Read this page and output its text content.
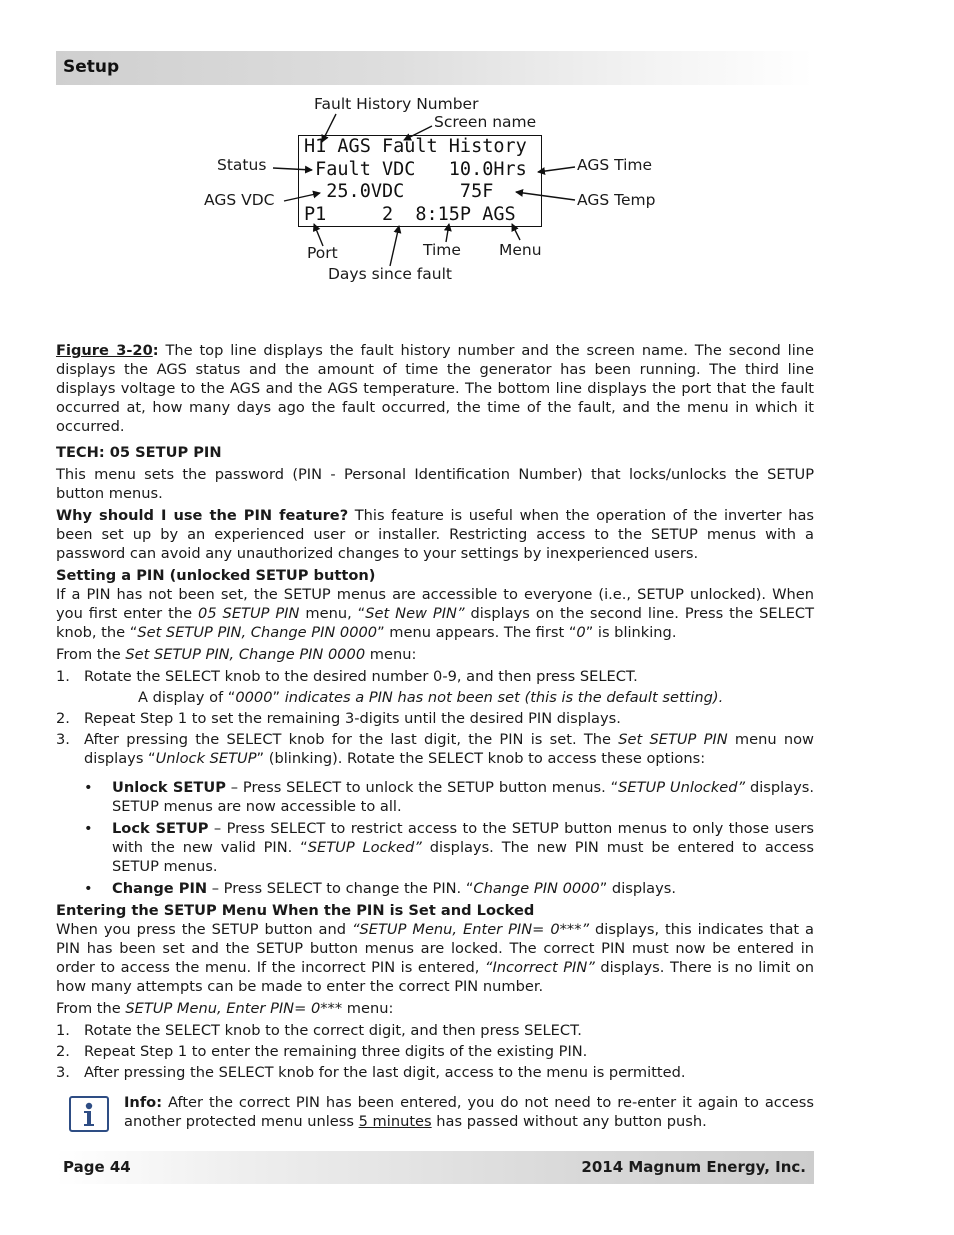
Setup
H1 AGS Fault History
Fault VDC   10.0Hrs
25.0VDC     75F
P1     2  8:15P AGS
Fault History Number
Screen name
Status
AGS VDC
AGS Time
AGS Temp
Port	Time Menu
Days since fault

Figure 3-20: The top line displays the fault history number and the screen name. The second line displays the AGS status and the amount of time the generator has been running. The third line displays voltage to the AGS and the AGS temperature. The bottom line displays the port that the fault occurred at, how many days ago the fault occurred, the time of the fault, and the menu in which it occurred.

TECH: 05 SETUP PIN

This menu sets the password (PIN - Personal Identification Number) that locks/unlocks the SETUP button menus.

Why should I use the PIN feature? This feature is useful when the operation of the inverter has been set up by an experienced user or installer. Restricting access to the SETUP menus with a password can avoid any unauthorized changes to your settings by inexperienced users.

Setting a PIN (unlocked SETUP button)

If a PIN has not been set, the SETUP menus are accessible to everyone (i.e., SETUP unlocked). When you first enter the 05 SETUP PIN menu, “Set New PIN” displays on the second line. Press the SELECT knob, the “Set SETUP PIN, Change PIN 0000” menu appears. The first “0” is blinking.

From the Set SETUP PIN, Change PIN 0000 menu:

1. Rotate the SELECT knob to the desired number 0-9, and then press SELECT.
A display of “0000” indicates a PIN has not been set (this is the default setting).
2. Repeat Step 1 to set the remaining 3-digits until the desired PIN displays.
3. After pressing the SELECT knob for the last digit, the PIN is set. The Set SETUP PIN menu now displays “Unlock SETUP” (blinking). Rotate the SELECT knob to access these options:
• Unlock SETUP – Press SELECT to unlock the SETUP button menus. “SETUP Unlocked” displays. SETUP menus are now accessible to all.
• Lock SETUP – Press SELECT to restrict access to the SETUP button menus to only those users with the new valid PIN. “SETUP Locked” displays. The new PIN must be entered to access SETUP menus.
• Change PIN – Press SELECT to change the PIN. “Change PIN 0000” displays.

Entering the SETUP Menu When the PIN is Set and Locked

When you press the SETUP button and “SETUP Menu, Enter PIN= 0***” displays, this indicates that a PIN has been set and the SETUP button menus are locked. The correct PIN must now be entered in order to access the menu. If the incorrect PIN is entered, “Incorrect PIN” displays. There is no limit on how many attempts can be made to enter the correct PIN number.

From the SETUP Menu, Enter PIN= 0*** menu:

1. Rotate the SELECT knob to the correct digit, and then press SELECT.
2. Repeat Step 1 to enter the remaining three digits of the existing PIN.
3. After pressing the SELECT knob for the last digit, access to the menu is permitted.

Info: After the correct PIN has been entered, you do not need to re-enter it again to access another protected menu unless 5 minutes has passed without any button push.

Page 44	2014 Magnum Energy, Inc.
